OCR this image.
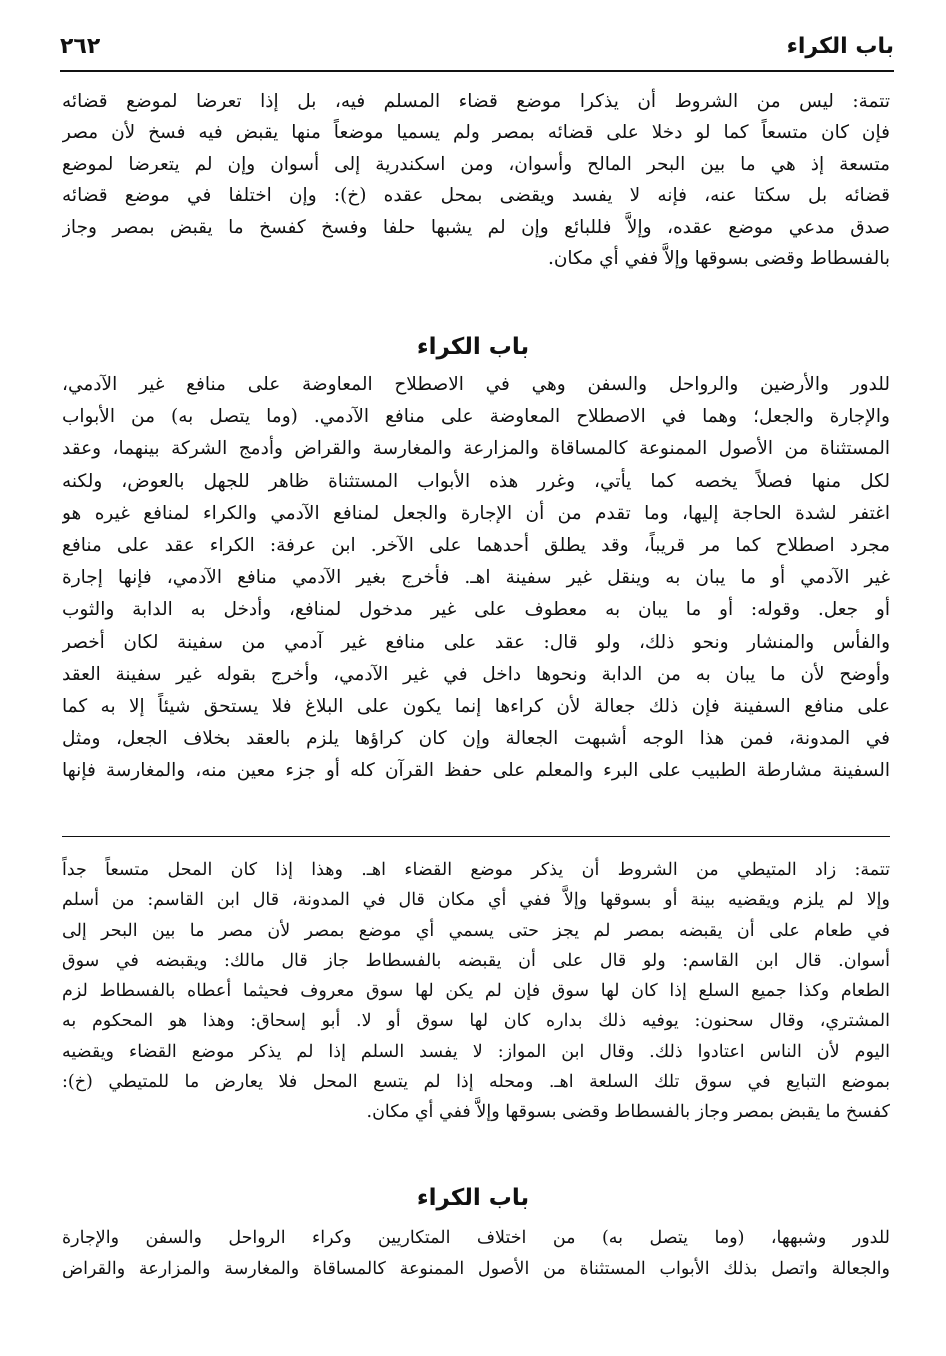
باب الكراء
٢٦٢
تتمة: ليس من الشروط أن يذكرا موضع قضاء المسلم فيه، بل إذا تعرضا لموضع قضائه
فإن كان متسعاً كما لو دخلا على قضائه بمصر ولم يسميا موضعاً منها يقبض فيه فسخ لأن مصر
متسعة إذ هي ما بين البحر المالح وأسوان، ومن اسكندرية إلى أسوان وإن لم يتعرضا لموضع
قضائه بل سكتا عنه، فإنه لا يفسد ويقضى بمحل عقده (خ): وإن اختلفا في موضع قضائه
صدق مدعي موضع عقده، وإلاَّ فللبائع وإن لم يشبها حلفا وفسخ كفسخ ما يقبض بمصر وجاز
بالفسطاط وقضى بسوقها وإلاَّ ففي أي مكان.
باب الكراء
للدور والأرضين والرواحل والسفن وهي في الاصطلاح المعاوضة على منافع غير الآدمي،
والإجارة والجعل؛ وهما في الاصطلاح المعاوضة على منافع الآدمي. (وما يتصل به) من الأبواب
المستثناة من الأصول الممنوعة كالمساقاة والمزارعة والمغارسة والقراض وأدمج الشركة بينهما، وعقد
لكل منها فصلاً يخصه كما يأتي، وغرر هذه الأبواب المستثناة ظاهر للجهل بالعوض، ولكنه
اغتفر لشدة الحاجة إليها، وما تقدم من أن الإجارة والجعل لمنافع الآدمي والكراء لمنافع غيره هو
مجرد اصطلاح كما مر قريباً، وقد يطلق أحدهما على الآخر. ابن عرفة: الكراء عقد على منافع
غير الآدمي أو ما يبان به وينقل غير سفينة اهـ. فأخرج بغير الآدمي منافع الآدمي، فإنها إجارة
أو جعل. وقوله: أو ما يبان به معطوف على غير مدخول لمنافع، وأدخل به الدابة والثوب
والفأس والمنشار ونحو ذلك، ولو قال: عقد على منافع غير آدمي من سفينة لكان أخصر
وأوضح لأن ما يبان به من الدابة ونحوها داخل في غير الآدمي، وأخرج بقوله غير سفينة العقد
على منافع السفينة فإن ذلك جعالة لأن كراءها إنما يكون على البلاغ فلا يستحق شيئاً إلا به كما
في المدونة، فمن هذا الوجه أشبهت الجعالة وإن كان كراؤها يلزم بالعقد بخلاف الجعل، ومثل
السفينة مشارطة الطبيب على البرء والمعلم على حفظ القرآن كله أو جزء معين منه، والمغارسة فإنها
تتمة: زاد المتيطي من الشروط أن يذكر موضع القضاء اهـ. وهذا إذا كان المحل متسعاً جداً
وإلا لم يلزم ويقضيه بينة أو بسوقها وإلاَّ ففي أي مكان قال في المدونة، قال ابن القاسم: من أسلم
في طعام على أن يقبضه بمصر لم يجز حتى يسمي أي موضع بمصر لأن مصر ما بين البحر إلى
أسوان. قال ابن القاسم: ولو قال على أن يقبضه بالفسطاط جاز قال مالك: ويقبضه في سوق
الطعام وكذا جميع السلع إذا كان لها سوق فإن لم يكن لها سوق معروف فحيثما أعطاه بالفسطاط لزم
المشتري، وقال سحنون: يوفيه ذلك بداره كان لها سوق أو لا. أبو إسحاق: وهذا هو المحكوم به
اليوم لأن الناس اعتادوا ذلك. وقال ابن المواز: لا يفسد السلم إذا لم يذكر موضع القضاء ويقضيه
بموضع التبايع في سوق تلك السلعة اهـ. ومحله إذا لم يتسع المحل فلا يعارض ما للمتيطي (خ):
كفسخ ما يقبض بمصر وجاز بالفسطاط وقضى بسوقها وإلاَّ ففي أي مكان.
باب الكراء
للدور وشبهها، (وما يتصل به) من اختلاف المتكاريين وكراء الرواحل والسفن والإجارة
والجعالة واتصل بذلك الأبواب المستثناة من الأصول الممنوعة كالمساقاة والمغارسة والمزارعة والقراض
